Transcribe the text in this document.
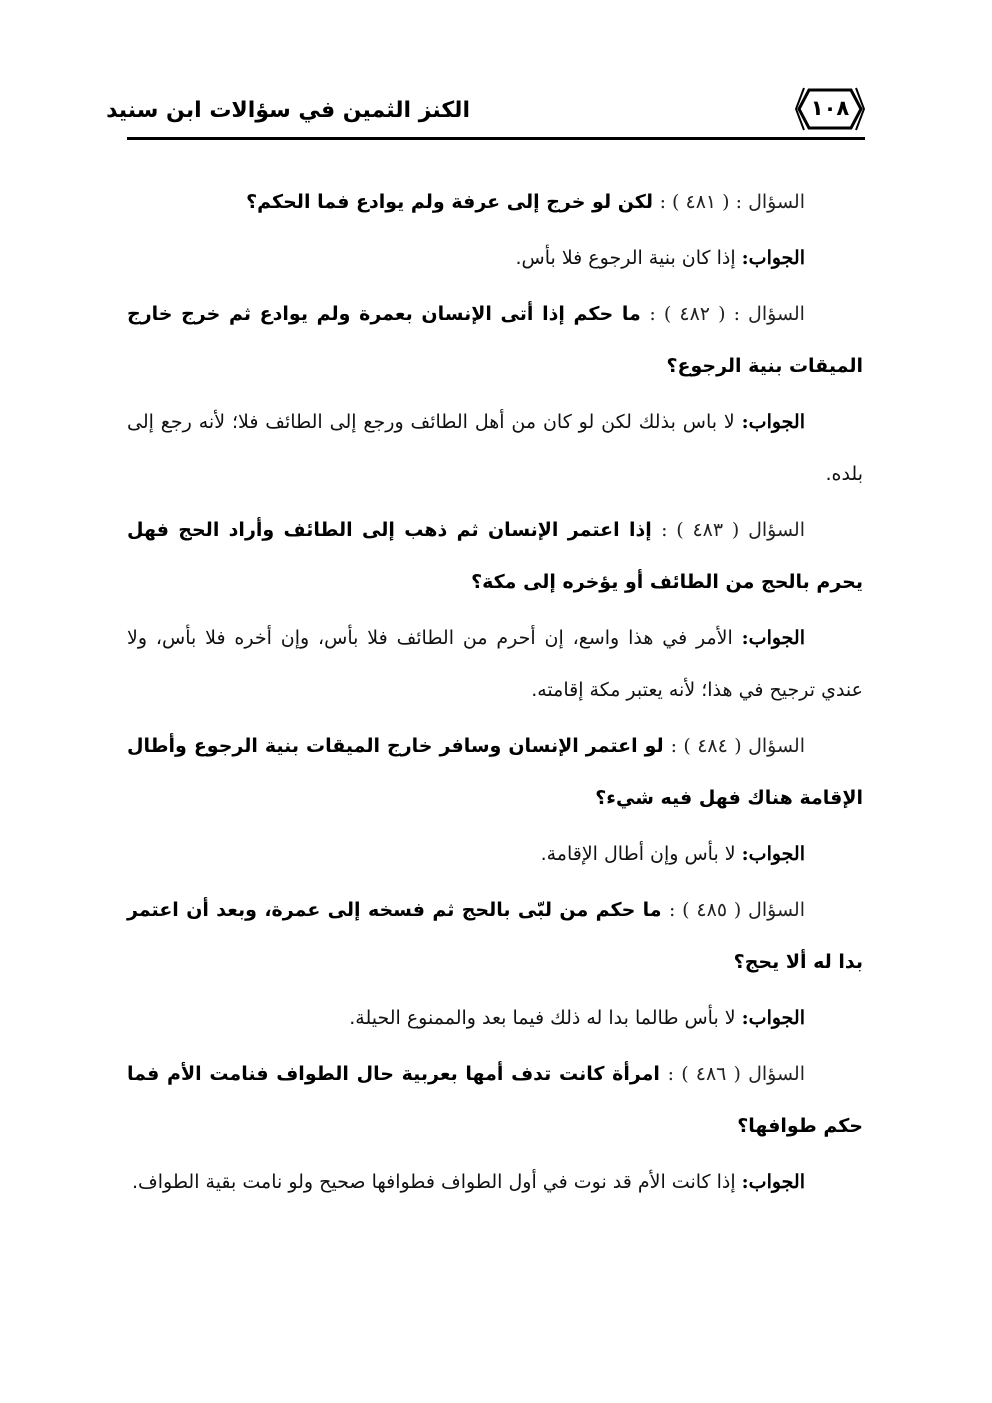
الكنز الثمين في سؤالات ابن سنيد	١٠٨

السؤال : ( ٤٨١ ) : لكن لو خرج إلى عرفة ولم يوادع فما الحكم؟

الجواب: إذا كان بنية الرجوع فلا بأس.

السؤال : ( ٤٨٢ ) : ما حكم إذا أتى الإنسان بعمرة ولم يوادع ثم خرج خارج الميقات بنية الرجوع؟

الجواب: لا باس بذلك لكن لو كان من أهل الطائف ورجع إلى الطائف فلا؛ لأنه رجع إلى بلده.

السؤال ( ٤٨٣ ) : إذا اعتمر الإنسان ثم ذهب إلى الطائف وأراد الحج فهل يحرم بالحج من الطائف أو يؤخره إلى مكة؟

الجواب: الأمر في هذا واسع، إن أحرم من الطائف فلا بأس، وإن أخره فلا بأس، ولا عندي ترجيح في هذا؛ لأنه يعتبر مكة إقامته.

السؤال ( ٤٨٤ ) : لو اعتمر الإنسان وسافر خارج الميقات بنية الرجوع وأطال الإقامة هناك فهل فيه شيء؟

الجواب: لا بأس وإن أطال الإقامة.

السؤال ( ٤٨٥ ) : ما حكم من لبّى بالحج ثم فسخه إلى عمرة، وبعد أن اعتمر بدا له ألا يحج؟

الجواب: لا بأس طالما بدا له ذلك فيما بعد والممنوع الحيلة.

السؤال ( ٤٨٦ ) : امرأة كانت تدف أمها بعربية حال الطواف فنامت الأم فما حكم طوافها؟

الجواب: إذا كانت الأم قد نوت في أول الطواف فطوافها صحيح ولو نامت بقية الطواف.
